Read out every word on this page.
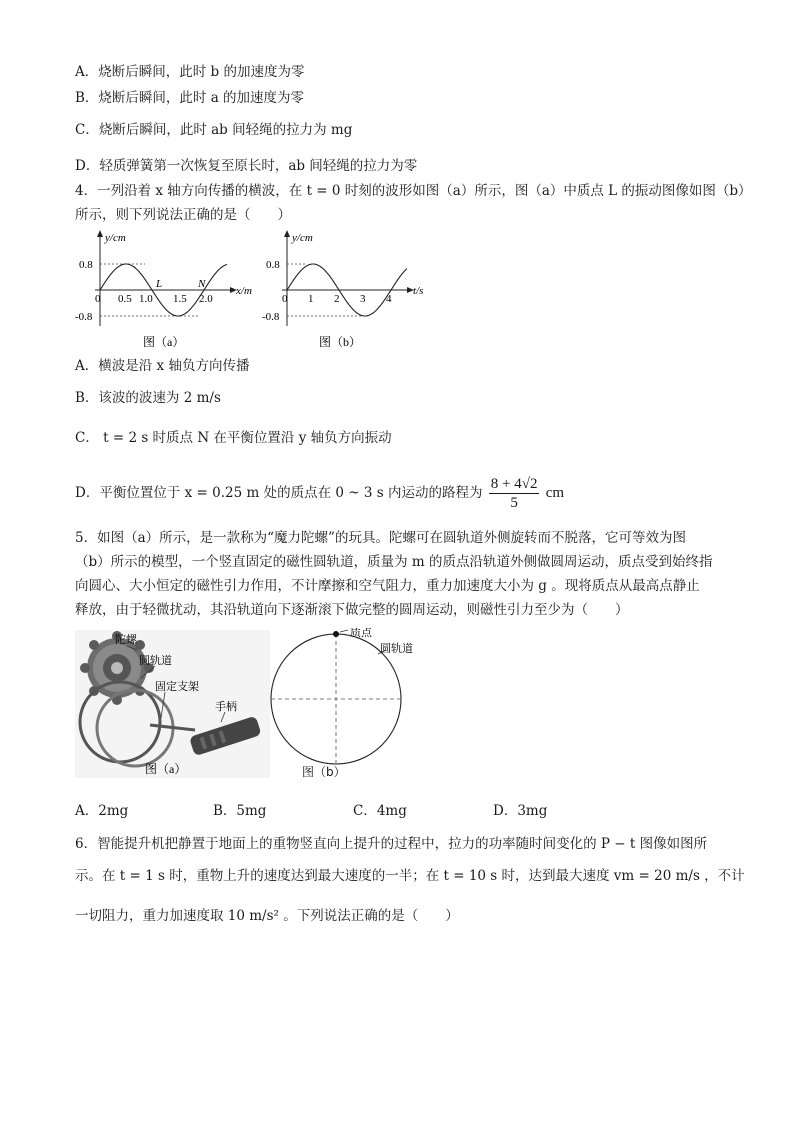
A．烧断后瞬间，此时 b 的加速度为零
B．烧断后瞬间，此时 a 的加速度为零
C．烧断后瞬间，此时 ab 间轻绳的拉力为 mg
D．轻质弹簧第一次恢复至原长时，ab 间轻绳的拉力为零
4．一列沿着 x 轴方向传播的横波，在 t = 0 时刻的波形如图（a）所示，图（a）中质点 L 的振动图像如图（b）
所示，则下列说法正确的是（　　）
y/cm
x/m
0.8
-0.8
0 0.5 1.0 1.5 2.0
L	N
图（a）
y/cm
t/s
0.8
-0.8
0 1 2 3 4
图（b）
A．横波是沿 x 轴负方向传播
B．该波的波速为 2 m/s
C． t = 2 s 时质点 N 在平衡位置沿 y 轴负方向振动
D．平衡位置位于 x = 0.25 m 处的质点在 0 ~ 3 s 内运动的路程为 $\frac{8 + 4√2}{5}$ cm
5．如图（a）所示，是一款称为“魔力陀螺”的玩具。陀螺可在圆轨道外侧旋转而不脱落，它可等效为图
（b）所示的模型，一个竖直固定的磁性圆轨道，质量为 m 的质点沿轨道外侧做圆周运动，质点受到始终指
向圆心、大小恒定的磁性引力作用，不计摩擦和空气阻力，重力加速度大小为 g 。现将质点从最高点静止
释放，由于轻微扰动，其沿轨道向下逐渐滚下做完整的圆周运动，则磁性引力至少为（　　）
陀螺
圆轨道
固定支架
手柄
图（a）
质点
圆轨道
图（b）
A．2mg	B．5mg	C．4mg	D．3mg
6．智能提升机把静置于地面上的重物竖直向上提升的过程中，拉力的功率随时间变化的 P − t 图像如图所
示。在 t = 1 s 时，重物上升的速度达到最大速度的一半；在 t = 10 s 时，达到最大速度 vm = 20 m/s ，不计
一切阻力，重力加速度取 10 m/s² 。下列说法正确的是（　　）
